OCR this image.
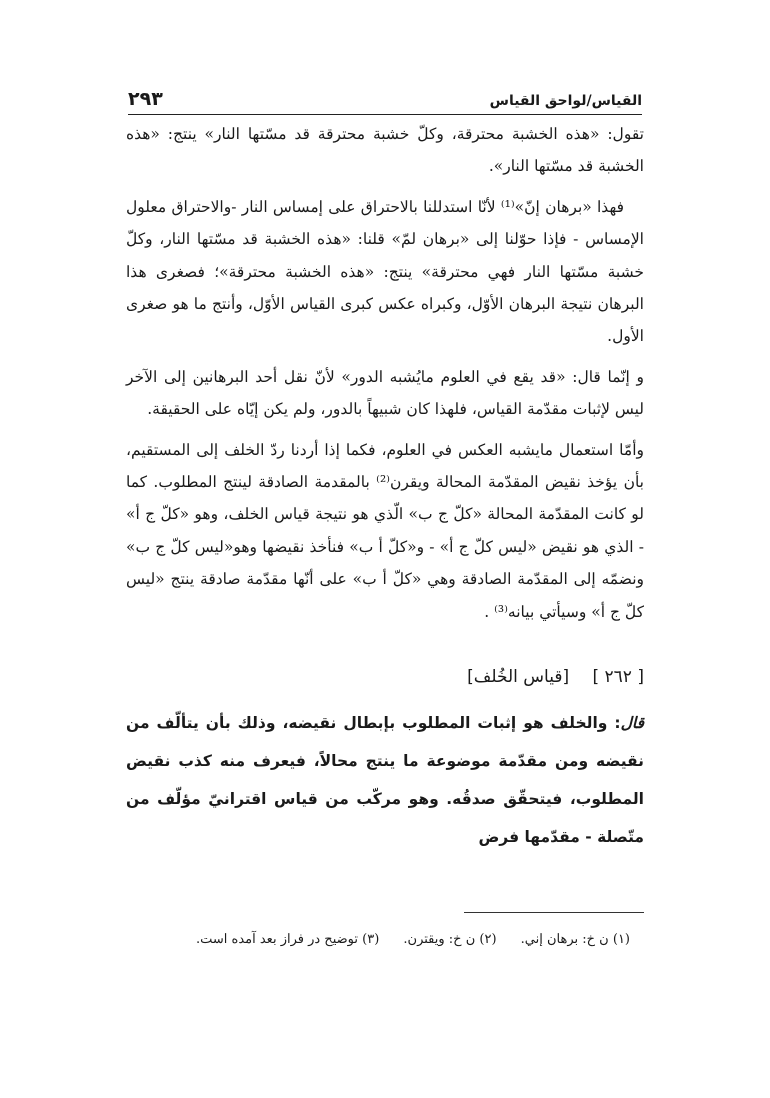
٢٩٣	القياس/لواحق القياس

تقول: «هذه الخشبة محترقة، وكلّ خشبة محترقة قد مسّتها النار» ينتج: «هذه الخشبة قد مسّتها النار».

فهذا «برهان إنّ»⁽¹⁾ لأنّا استدللنا بالاحتراق على إمساس النار -والاحتراق معلول الإمساس - فإذا حوّلنا إلى «برهان لمّ» قلنا: «هذه الخشبة قد مسّتها النار، وكلّ خشبة مسّتها النار فهي محترقة» ينتج: «هذه الخشبة محترقة»؛ فصغرى هذا البرهان نتيجة البرهان الأوّل، وكبراه عكس كبرى القياس الأوّل، وأنتج ما هو صغرى الأول.

و إنّما قال: «قد يقع في العلوم مايُشبه الدور» لأنّ نقل أحد البرهانين إلى الآخر ليس لإثبات مقدّمة القياس، فلهذا كان شبيهاً بالدور، ولم يكن إيّاه على الحقيقة.

وأمّا استعمال مايشبه العكس في العلوم، فكما إذا أردنا ردّ الخلف إلى المستقيم، بأن يؤخذ نقيض المقدّمة المحالة ويقرن⁽²⁾ بالمقدمة الصادقة لينتج المطلوب. كما لو كانت المقدّمة المحالة «كلّ ج ب» الّذي هو نتيجة قياس الخلف، وهو «كلّ ج أ» - الذي هو نقيض «ليس كلّ ج أ» - و«كلّ أ ب» فنأخذ نقيضها وهو«ليس كلّ ج ب» ونضمّه إلى المقدّمة الصادقة وهي «كلّ أ ب» على أنّها مقدّمة صادقة ينتج «ليس كلّ ج أ» وسيأتي بيانه⁽³⁾ .

[ ٢٦٢ ] [قياس الخُلف]

قال: والخلف هو إثبات المطلوب بإبطال نقيضه، وذلك بأن يتألّف من نقيضه ومن مقدّمة موضوعة ما ينتج محالاً، فيعرف منه كذب نقيض المطلوب، فيتحقّق صدقُه. وهو مركّب من قياس اقترانيّ مؤلّف من متّصلة - مقدّمها فرض

(١) ن خ: برهان إني. (٢) ن خ: ويقترن. (٣) توضيح در فراز بعد آمده است.
